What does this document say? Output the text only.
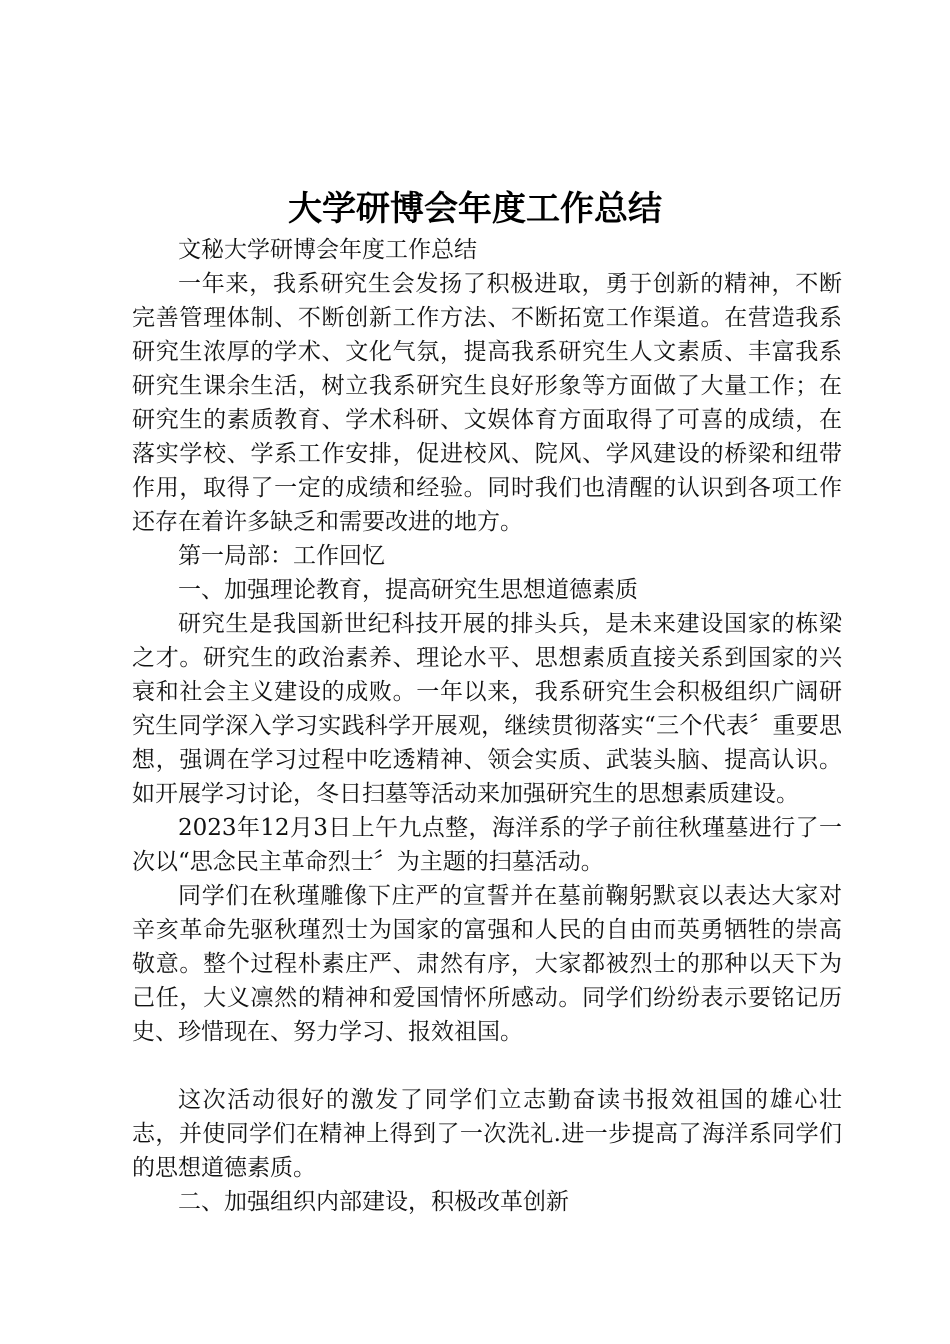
大学研博会年度工作总结

文秘大学研博会年度工作总结

一年来，我系研究生会发扬了积极进取，勇于创新的精神，不断完善管理体制、不断创新工作方法、不断拓宽工作渠道。在营造我系研究生浓厚的学术、文化气氛，提高我系研究生人文素质、丰富我系研究生课余生活，树立我系研究生良好形象等方面做了大量工作；在研究生的素质教育、学术科研、文娱体育方面取得了可喜的成绩，在落实学校、学系工作安排，促进校风、院风、学风建设的桥梁和纽带作用，取得了一定的成绩和经验。同时我们也清醒的认识到各项工作还存在着许多缺乏和需要改进的地方。

第一局部：工作回忆

一、加强理论教育，提高研究生思想道德素质

研究生是我国新世纪科技开展的排头兵，是未来建设国家的栋梁之才。研究生的政治素养、理论水平、思想素质直接关系到国家的兴衰和社会主义建设的成败。一年以来，我系研究生会积极组织广阔研究生同学深入学习实践科学开展观，继续贯彻落实“三个代表〞重要思想，强调在学习过程中吃透精神、领会实质、武装头脑、提高认识。如开展学习讨论，冬日扫墓等活动来加强研究生的思想素质建设。

2023年12月3日上午九点整，海洋系的学子前往秋瑾墓进行了一次以“思念民主革命烈士〞为主题的扫墓活动。

同学们在秋瑾雕像下庄严的宣誓并在墓前鞠躬默哀以表达大家对辛亥革命先驱秋瑾烈士为国家的富强和人民的自由而英勇牺牲的崇高敬意。整个过程朴素庄严、肃然有序，大家都被烈士的那种以天下为己任，大义凛然的精神和爱国情怀所感动。同学们纷纷表示要铭记历史、珍惜现在、努力学习、报效祖国。

这次活动很好的激发了同学们立志勤奋读书报效祖国的雄心壮志，并使同学们在精神上得到了一次洗礼.进一步提高了海洋系同学们的思想道德素质。

二、加强组织内部建设，积极改革创新
